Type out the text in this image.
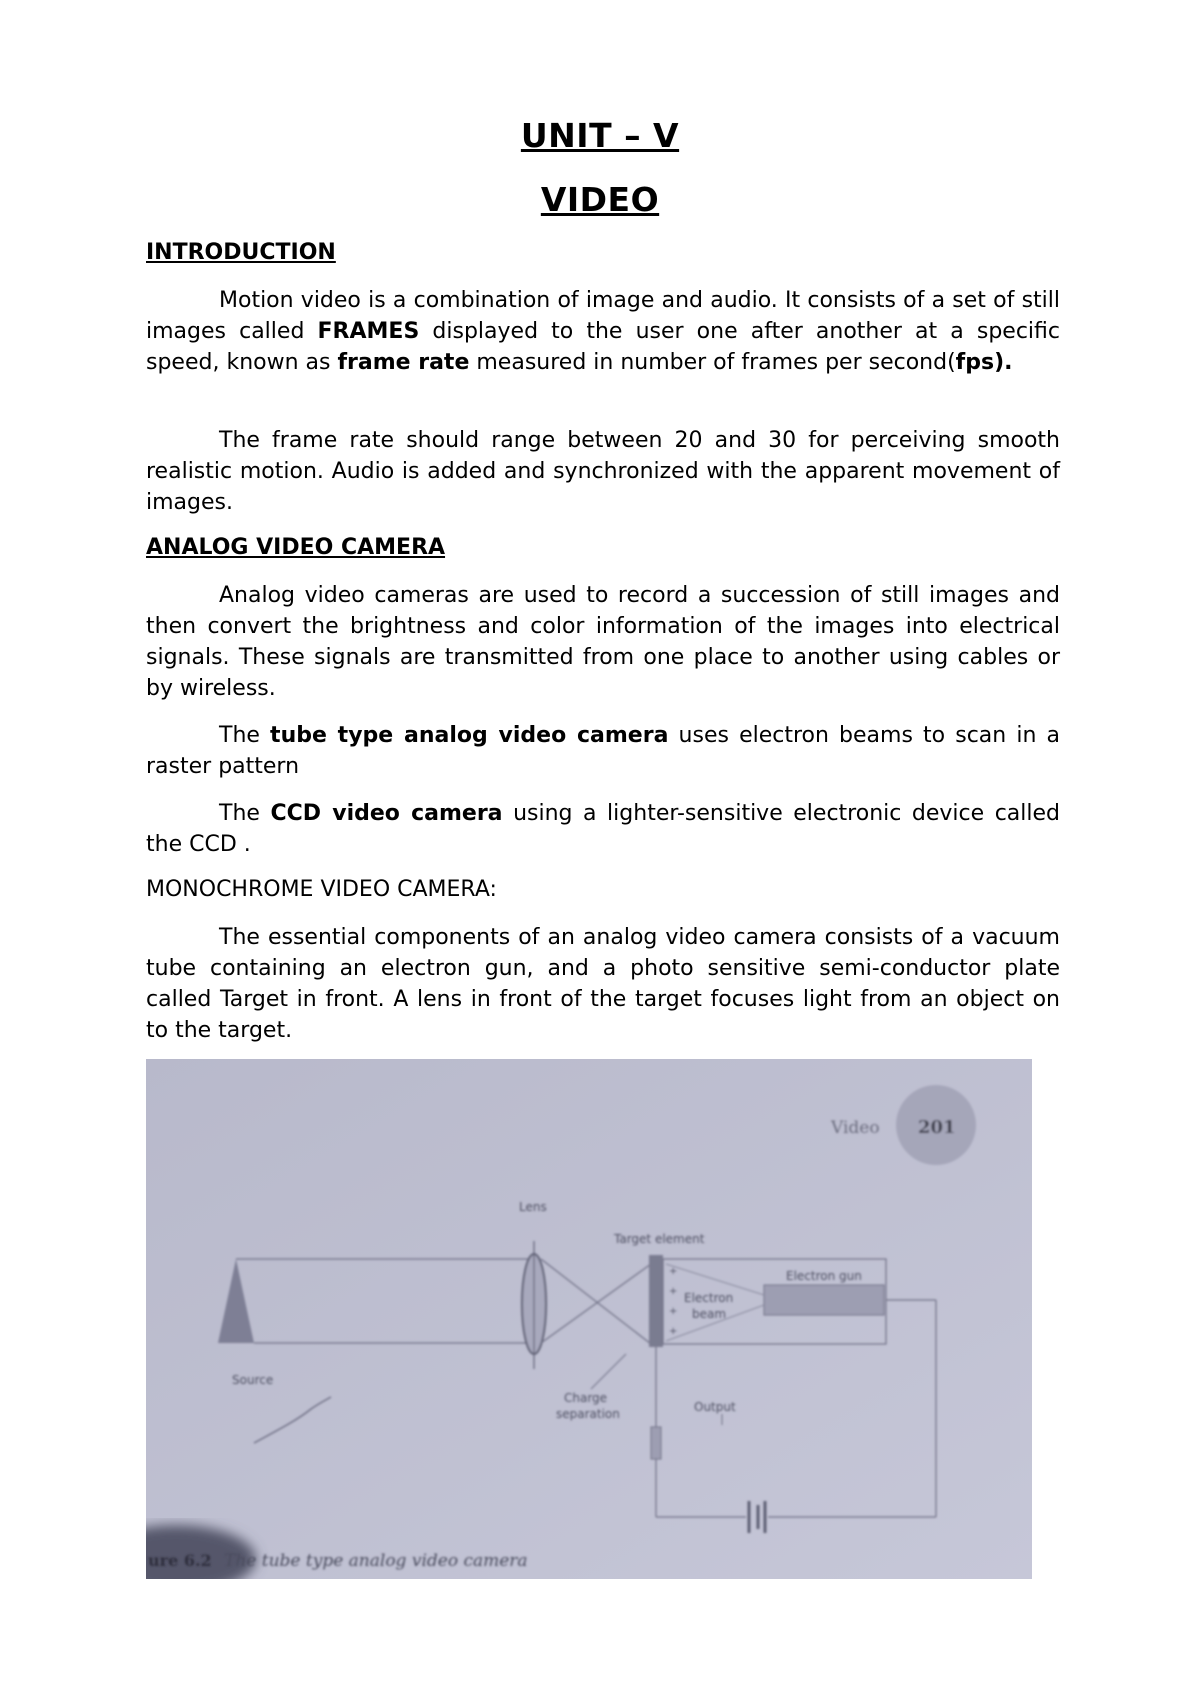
UNIT – V
VIDEO
INTRODUCTION

Motion video is a combination of image and audio. It consists of a set of still images called FRAMES displayed to the user one after another at a specific speed, known as frame rate measured in number of frames per second(fps).

The frame rate should range between 20 and 30 for perceiving smooth realistic motion. Audio is added and synchronized with the apparent movement of images.

ANALOG VIDEO CAMERA

Analog video cameras are used to record a succession of still images and then convert the brightness and color information of the images into electrical signals. These signals are transmitted from one place to another using cables or by wireless.

The tube type analog video camera uses electron beams to scan in a raster pattern

The CCD video camera using a lighter-sensitive electronic device called the CCD .

MONOCHROME VIDEO CAMERA:

The essential components of an analog video camera consists of a vacuum tube containing an electron gun, and a photo sensitive semi-conductor plate called Target in front. A lens in front of the target focuses light from an object on to the target.

Video 201
Lens
Target element
+
+
+
+
Electron gun
Electron
beam
Output
Source
Charge
separation
ure 6.2 The tube type analog video camera
